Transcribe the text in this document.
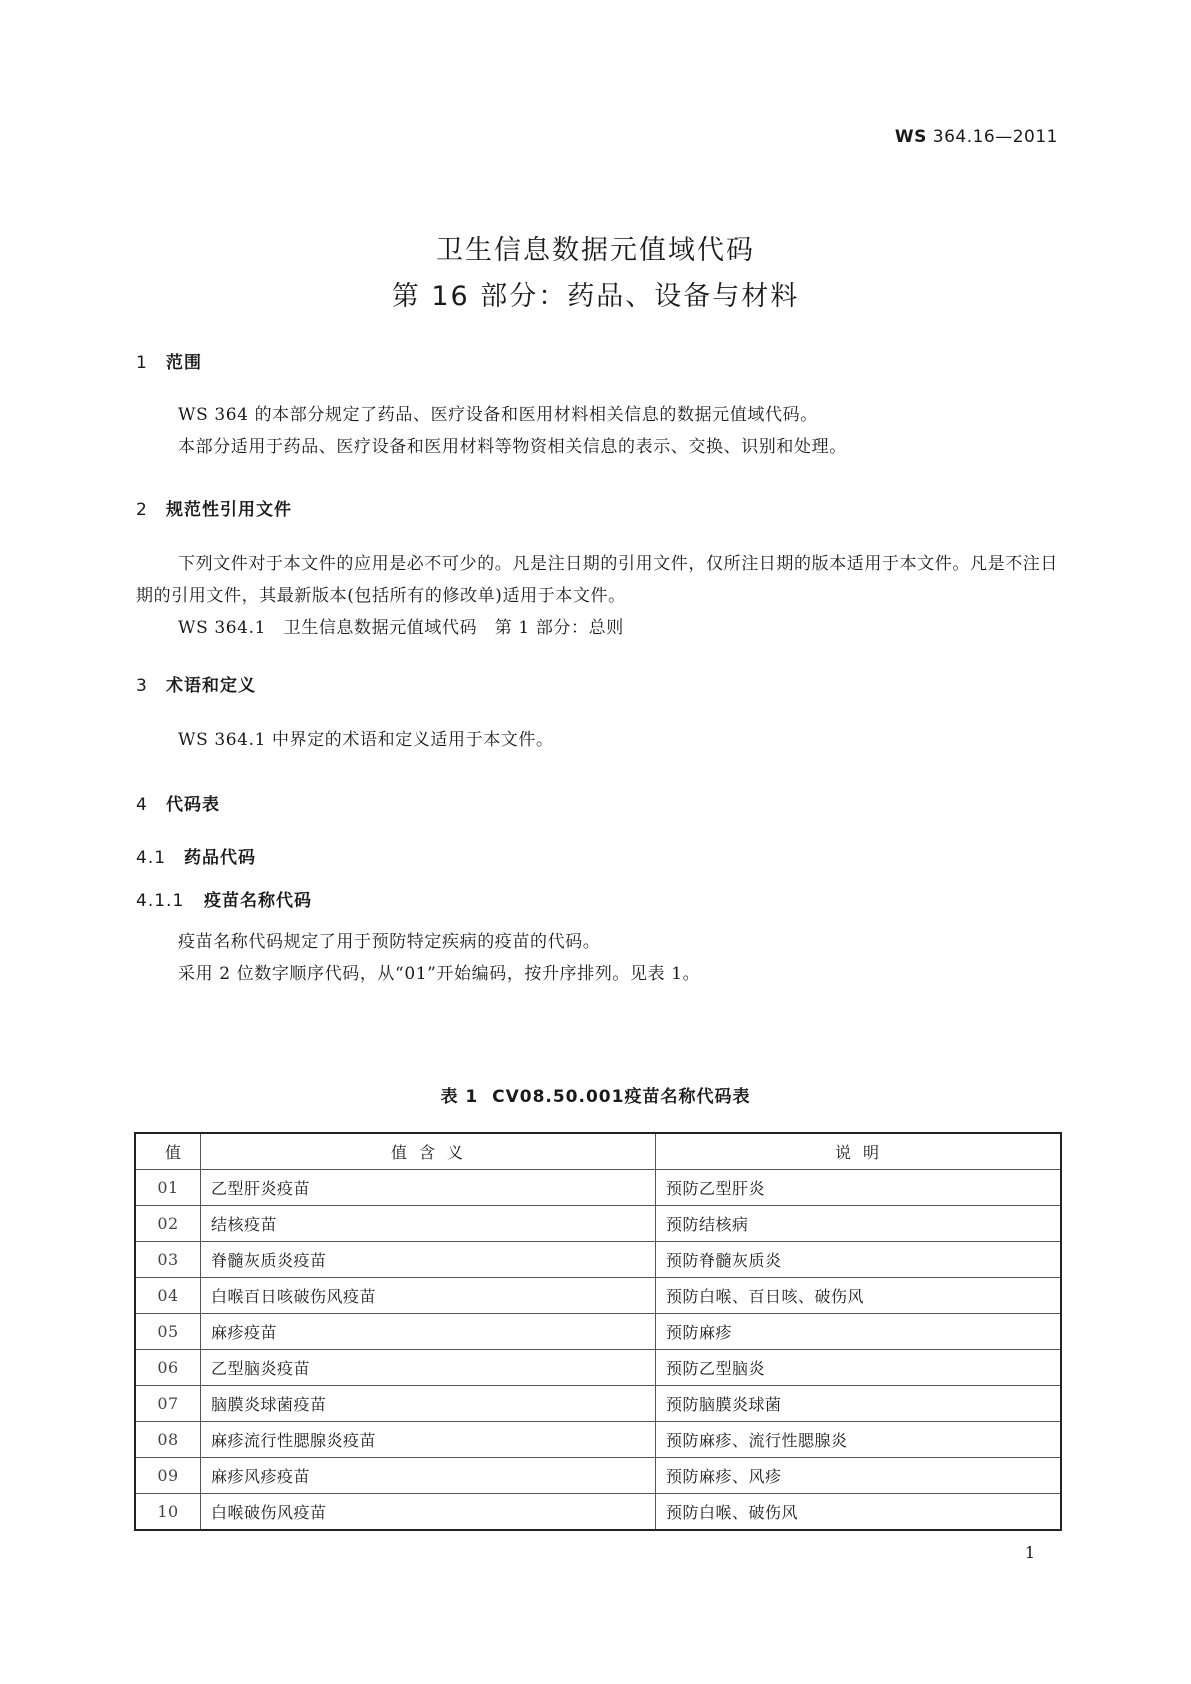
WS 364.16—2011
卫生信息数据元值域代码
第 16 部分：药品、设备与材料
1 范围
WS 364 的本部分规定了药品、医疗设备和医用材料相关信息的数据元值域代码。
本部分适用于药品、医疗设备和医用材料等物资相关信息的表示、交换、识别和处理。
2 规范性引用文件
下列文件对于本文件的应用是必不可少的。凡是注日期的引用文件，仅所注日期的版本适用于本文件。凡是不注日期的引用文件，其最新版本(包括所有的修改单)适用于本文件。
WS 364.1　卫生信息数据元值域代码　第 1 部分：总则
3 术语和定义
WS 364.1 中界定的术语和定义适用于本文件。
4 代码表
4.1 药品代码
4.1.1 疫苗名称代码
疫苗名称代码规定了用于预防特定疾病的疫苗的代码。
采用 2 位数字顺序代码，从“01”开始编码，按升序排列。见表 1。
表 1 CV08.50.001疫苗名称代码表
值	值含义	说明
01	乙型肝炎疫苗	预防乙型肝炎
02	结核疫苗	预防结核病
03	脊髓灰质炎疫苗	预防脊髓灰质炎
04	白喉百日咳破伤风疫苗	预防白喉、百日咳、破伤风
05	麻疹疫苗	预防麻疹
06	乙型脑炎疫苗	预防乙型脑炎
07	脑膜炎球菌疫苗	预防脑膜炎球菌
08	麻疹流行性腮腺炎疫苗	预防麻疹、流行性腮腺炎
09	麻疹风疹疫苗	预防麻疹、风疹
10	白喉破伤风疫苗	预防白喉、破伤风
1
